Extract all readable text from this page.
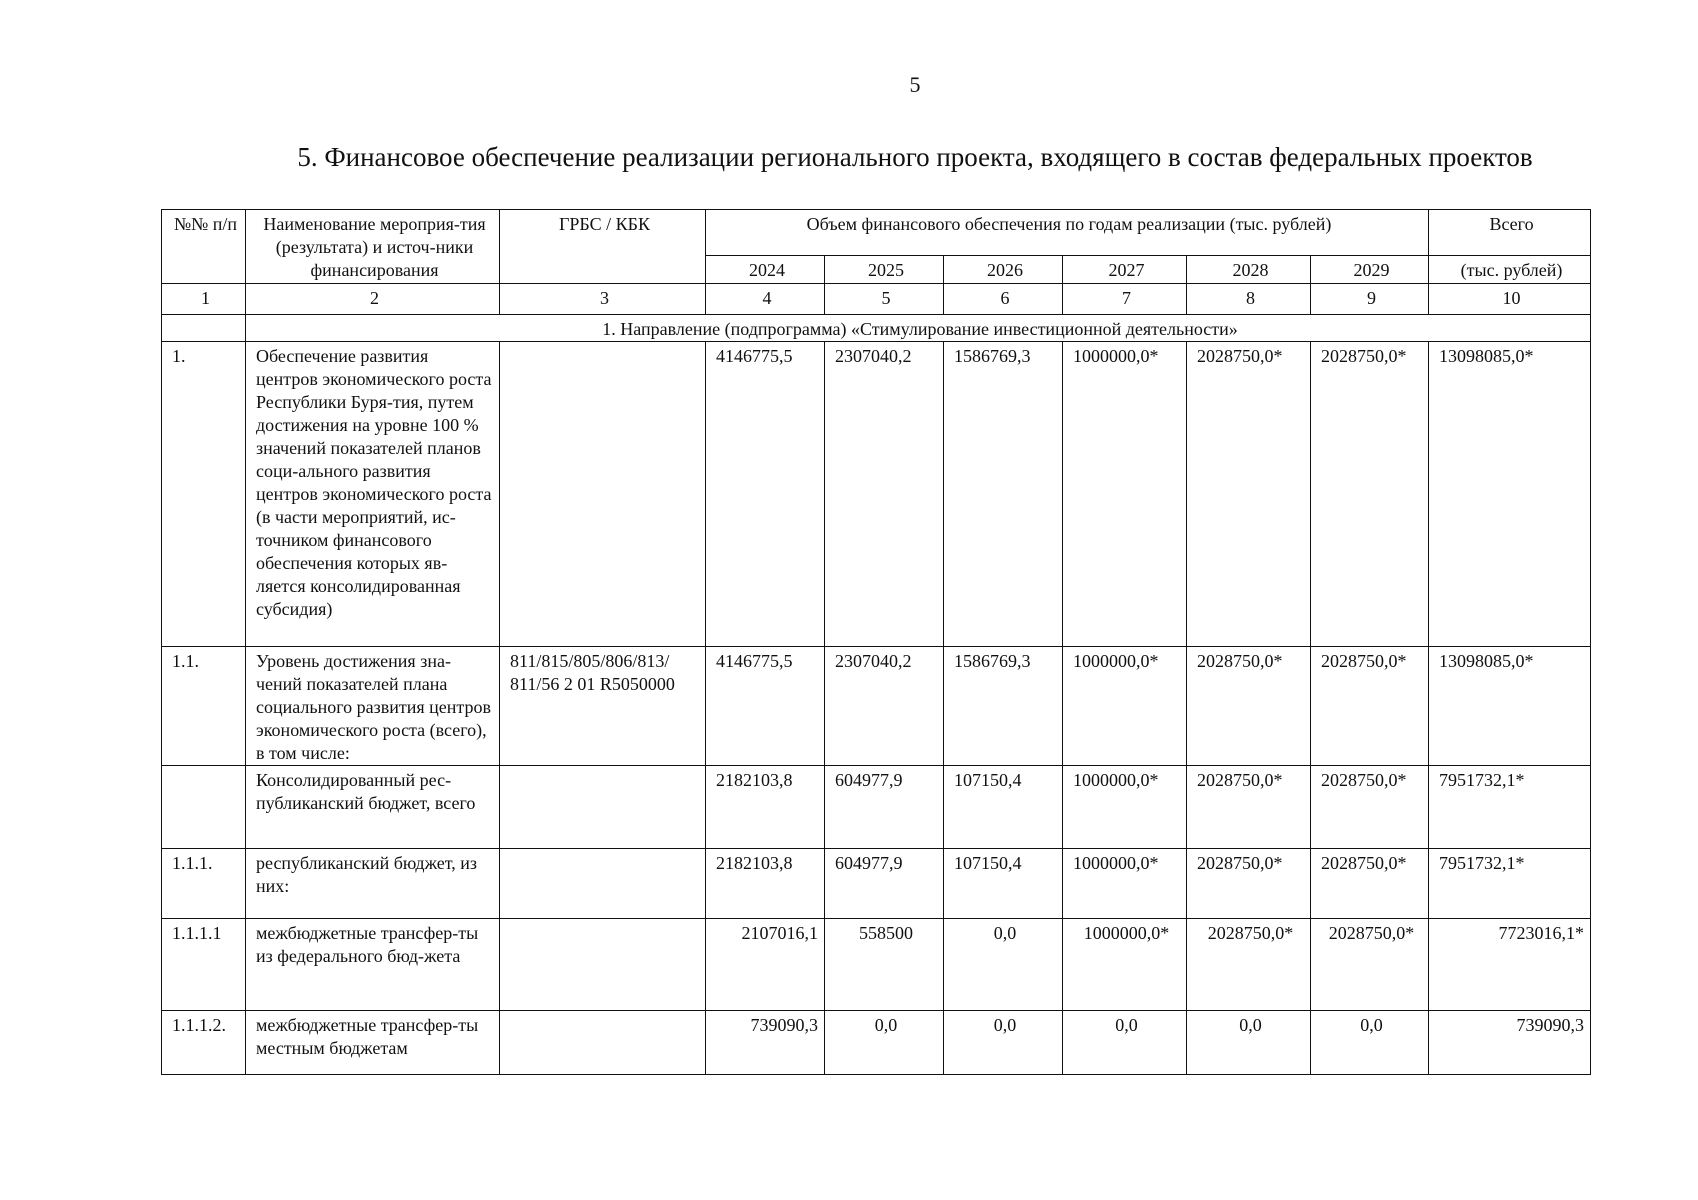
5
5. Финансовое обеспечение реализации регионального проекта, входящего в состав федеральных проектов
№№ п/п	Наименование мероприя-тия (результата) и источ-ники финансирования	ГРБС / КБК	Объем финансового обеспечения по годам реализации (тыс. рублей)						Всего
			2024	2025	2026	2027	2028	2029	(тыс. рублей)
1	2	3	4	5	6	7	8	9	10
	1. Направление (подпрограмма) «Стимулирование инвестиционной деятельности»								
1.	Обеспечение развития центров экономического роста Республики Буря-тия, путем достижения на уровне 100 % значений показателей планов соци-ального развития центров экономического роста (в части мероприятий, ис-точником финансового обеспечения которых яв-ляется консолидированная субсидия)		4146775,5	2307040,2	1586769,3	1000000,0*	2028750,0*	2028750,0*	13098085,0*
1.1.	Уровень достижения зна-чений показателей плана социального развития центров экономического роста (всего), в том числе:	811/815/805/806/813/ 811/56 2 01 R5050000	4146775,5	2307040,2	1586769,3	1000000,0*	2028750,0*	2028750,0*	13098085,0*
	Консолидированный рес-публиканский бюджет, всего		2182103,8	604977,9	107150,4	1000000,0*	2028750,0*	2028750,0*	7951732,1*
1.1.1.	республиканский бюджет, из них:		2182103,8	604977,9	107150,4	1000000,0*	2028750,0*	2028750,0*	7951732,1*
1.1.1.1	межбюджетные трансфер-ты из федерального бюд-жета		2107016,1	558500	0,0	1000000,0*	2028750,0*	2028750,0*	7723016,1*
1.1.1.2.	межбюджетные трансфер-ты местным бюджетам		739090,3	0,0	0,0	0,0	0,0	0,0	739090,3
